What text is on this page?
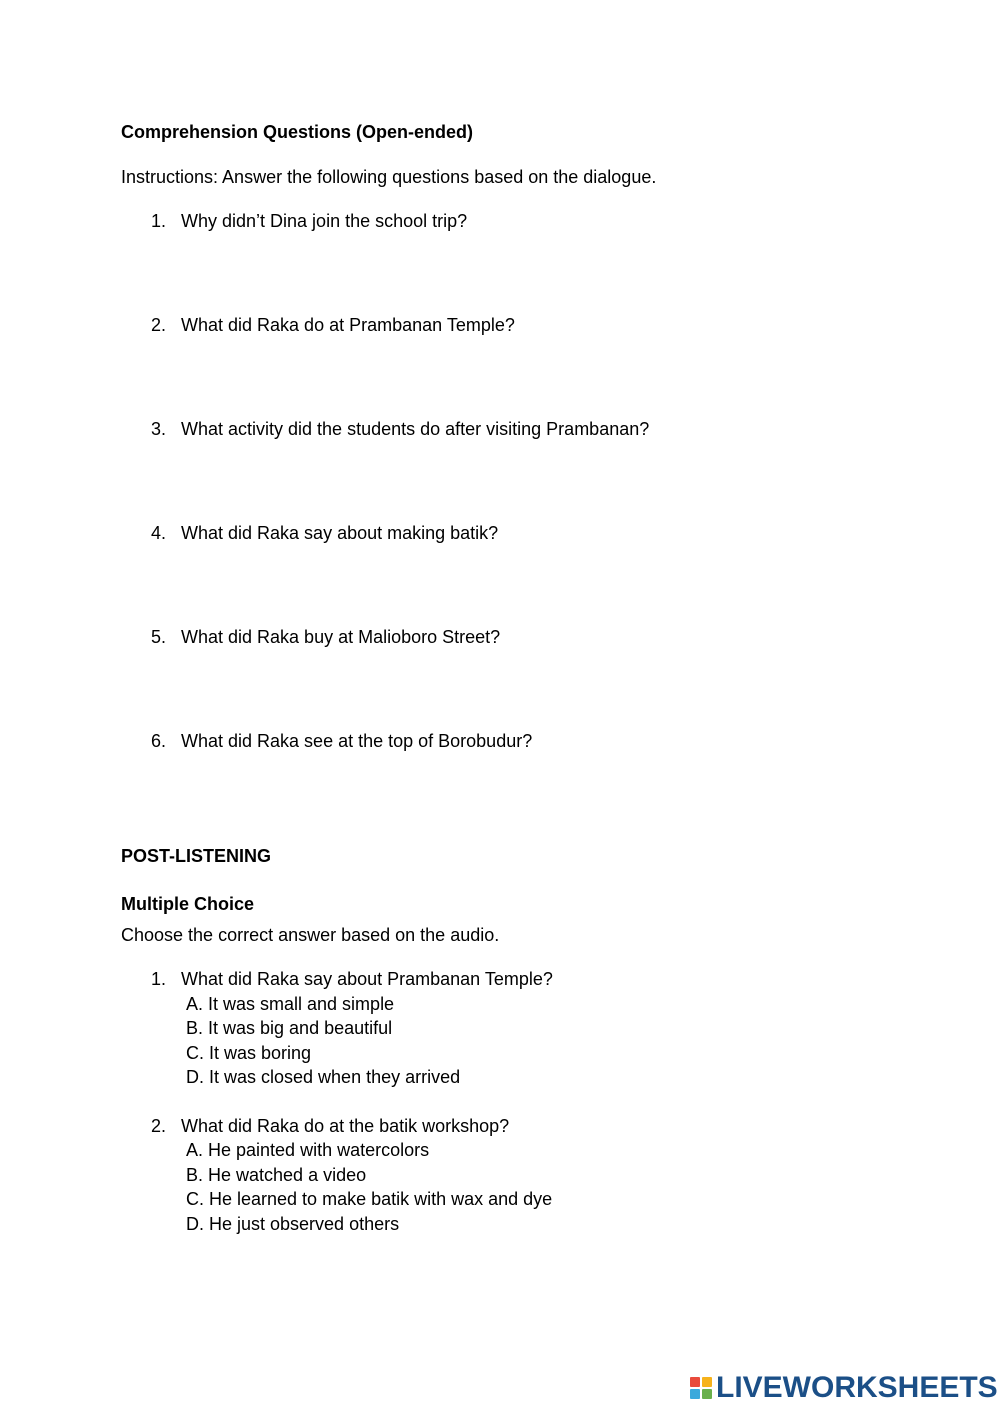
Comprehension Questions (Open-ended)
Instructions: Answer the following questions based on the dialogue.
1. Why didn’t Dina join the school trip?
2. What did Raka do at Prambanan Temple?
3. What activity did the students do after visiting Prambanan?
4. What did Raka say about making batik?
5. What did Raka buy at Malioboro Street?
6. What did Raka see at the top of Borobudur?
POST-LISTENING
Multiple Choice
Choose the correct answer based on the audio.
1. What did Raka say about Prambanan Temple?
A. It was small and simple
B. It was big and beautiful
C. It was boring
D. It was closed when they arrived
2. What did Raka do at the batik workshop?
A. He painted with watercolors
B. He watched a video
C. He learned to make batik with wax and dye
D. He just observed others
LIVEWORKSHEETS
